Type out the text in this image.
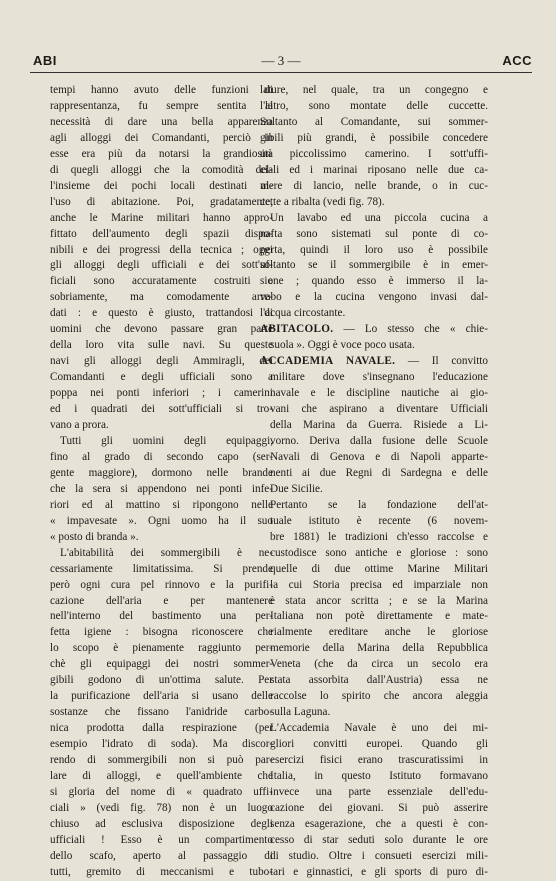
ABI	— 3 —	ACC
tempi hanno avuto delle funzioni di
rappresentanza, fu sempre sentita la
necessità di dare una bella apparenza
agli alloggi dei Comandanti, perciò in
esse era più da notarsi la grandiosità
di quegli alloggi che la comodità del-
l'insieme dei pochi locali destinati al-
l'uso di abitazione. Poi, gradatamente,
anche le Marine militari hanno appro-
fittato dell'aumento degli spazii dispo-
nibili e dei progressi della tecnica ; oggi
gli alloggi degli ufficiali e dei sott'uf-
ficiali sono accuratamente costruiti e
sobriamente, ma comodamente arre-
dati : e questo è giusto, trattandosi di
uomini che devono passare gran parte
della loro vita sulle navi. Su queste
navi gli alloggi degli Ammiragli, dei
Comandanti e degli ufficiali sono a
poppa nei ponti inferiori ; i camerini
ed i quadrati dei sott'ufficiali si tro-
vano a prora.
Tutti gli uomini degli equipaggi,
fino al grado di secondo capo (ser-
gente maggiore), dormono nelle brande
che la sera si appendono nei ponti infe-
riori ed al mattino si ripongono nelle
« impavesate ». Ogni uomo ha il suo
« posto di branda ».
L'abitabilità dei sommergibili è ne-
cessariamente limitatissima. Si prende
però ogni cura pel rinnovo e la purifi-
cazione dell'aria e per mantenere
nell'interno del bastimento una per-
fetta igiene : bisogna riconoscere che
lo scopo è pienamente raggiunto per-
chè gli equipaggi dei nostri sommer-
gibili godono di un'ottima salute. Per
la purificazione dell'aria si usano delle
sostanze che fissano l'anidride carbo-
nica prodotta dalla respirazione (per
esempio l'idrato di soda). Ma discor-
rendo di sommergibili non si può par-
lare di alloggi, e quell'ambiente che
si gloria del nome di « quadrato uffi-
ciali » (vedi fig. 78) non è un luogo
chiuso ad esclusiva disposizione degli
ufficiali ! Esso è un compartimento
dello scafo, aperto al passaggio di
tutti, gremito di meccanismi e tubo-
lature, nel quale, tra un congegno e
l'altro, sono montate delle cuccette.
Soltanto al Comandante, sui sommer-
gibili più grandi, è possibile concedere
un piccolissimo camerino. I sott'uffi-
ciali ed i marinai riposano nelle due ca-
mere di lancio, nelle brande, o in cuc-
cette a ribalta (vedi fig. 78).
Un lavabo ed una piccola cucina a
nafta sono sistemati sul ponte di co-
perta, quindi il loro uso è possibile
soltanto se il sommergibile è in emer-
sione ; quando esso è immerso il la-
vabo e la cucina vengono invasi dal-
l'acqua circostante.
ABITACOLO. — Lo stesso che « chie-
suola ». Oggi è voce poco usata.
ACCADEMIA NAVALE. — Il convitto
militare dove s'insegnano l'educazione
navale e le discipline nautiche ai gio-
vani che aspirano a diventare Ufficiali
della Marina da Guerra. Risiede a Li-
vorno. Deriva dalla fusione delle Scuole
Navali di Genova e di Napoli apparte-
nenti ai due Regni di Sardegna e delle
Due Sicilie.
Pertanto se la fondazione dell'at-
tuale istituto è recente (6 novem-
bre 1881) le tradizioni ch'esso raccolse e
custodisce sono antiche e gloriose : sono
quelle di due ottime Marine Militari
la cui Storia precisa ed imparziale non
è stata ancor scritta ; e se la Marina
Italiana non potè direttamente e mate-
rialmente ereditare anche le gloriose
memorie della Marina della Repubblica
Veneta (che da circa un secolo era
stata assorbita dall'Austria) essa ne
raccolse lo spirito che ancora aleggia
sulla Laguna.
L'Accademia Navale è uno dei mi-
gliori convitti europei. Quando gli
esercizi fisici erano trascuratissimi in
Italia, in questo Istituto formavano
invece una parte essenziale dell'edu-
cazione dei giovani. Si può asserire
senza esagerazione, che a questi è con-
cesso di star seduti solo durante le ore
di studio. Oltre i consueti esercizi mili-
tari e ginnastici, e gli sports di puro di-
